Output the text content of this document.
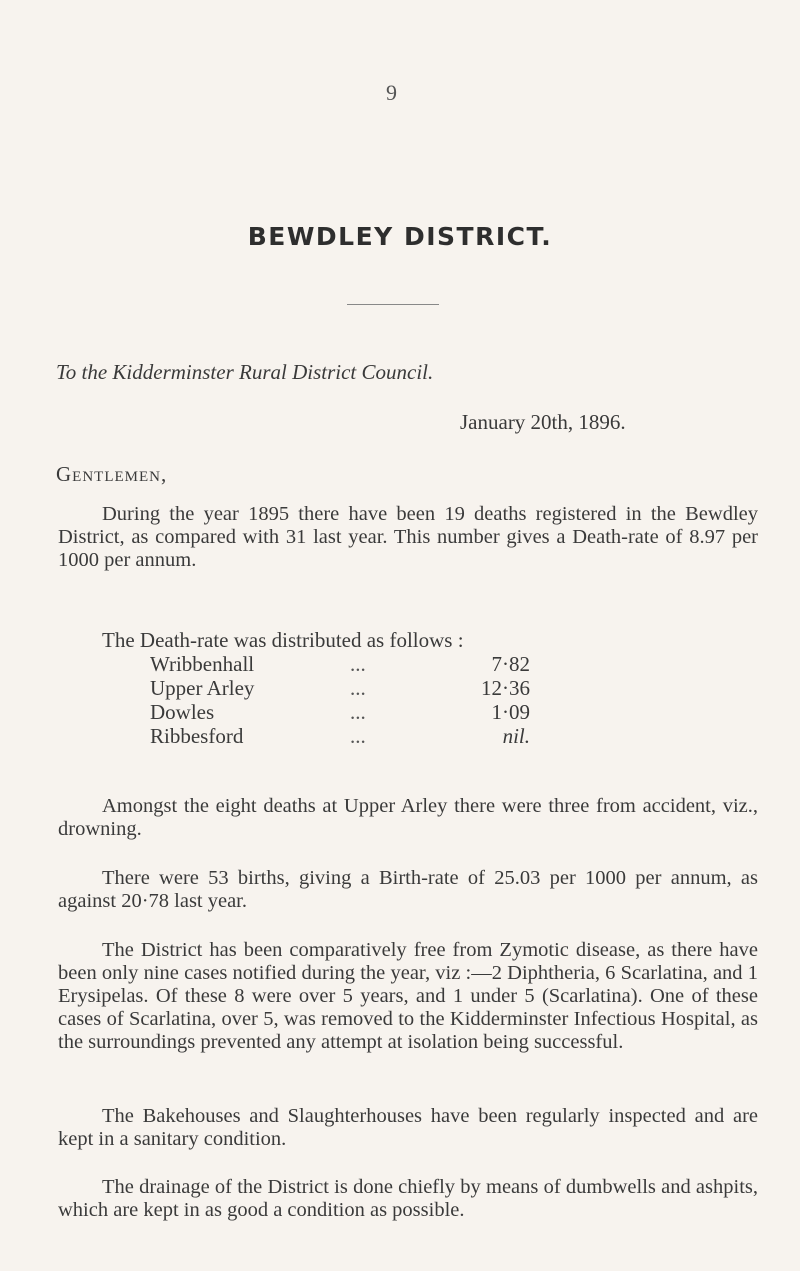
9
BEWDLEY DISTRICT.
To the Kidderminster Rural District Council.
January 20th, 1896.
Gentlemen,

During the year 1895 there have been 19 deaths registered in the Bewdley District, as compared with 31 last year. This number gives a Death-rate of 8.97 per 1000 per annum.

The Death-rate was distributed as follows :
Wribbenhall	...	7·82
Upper Arley	...	12·36
Dowles	...	1·09
Ribbesford	...	nil.

Amongst the eight deaths at Upper Arley there were three from accident, viz., drowning.

There were 53 births, giving a Birth-rate of 25.03 per 1000 per annum, as against 20·78 last year.

The District has been comparatively free from Zymotic disease, as there have been only nine cases notified during the year, viz :—2 Diphtheria, 6 Scarlatina, and 1 Erysipelas. Of these 8 were over 5 years, and 1 under 5 (Scarlatina). One of these cases of Scarlatina, over 5, was removed to the Kidderminster Infectious Hospital, as the surroundings prevented any attempt at isolation being successful.

The Bakehouses and Slaughterhouses have been regularly inspected and are kept in a sanitary condition.

The drainage of the District is done chiefly by means of dumbwells and ashpits, which are kept in as good a condition as possible.
